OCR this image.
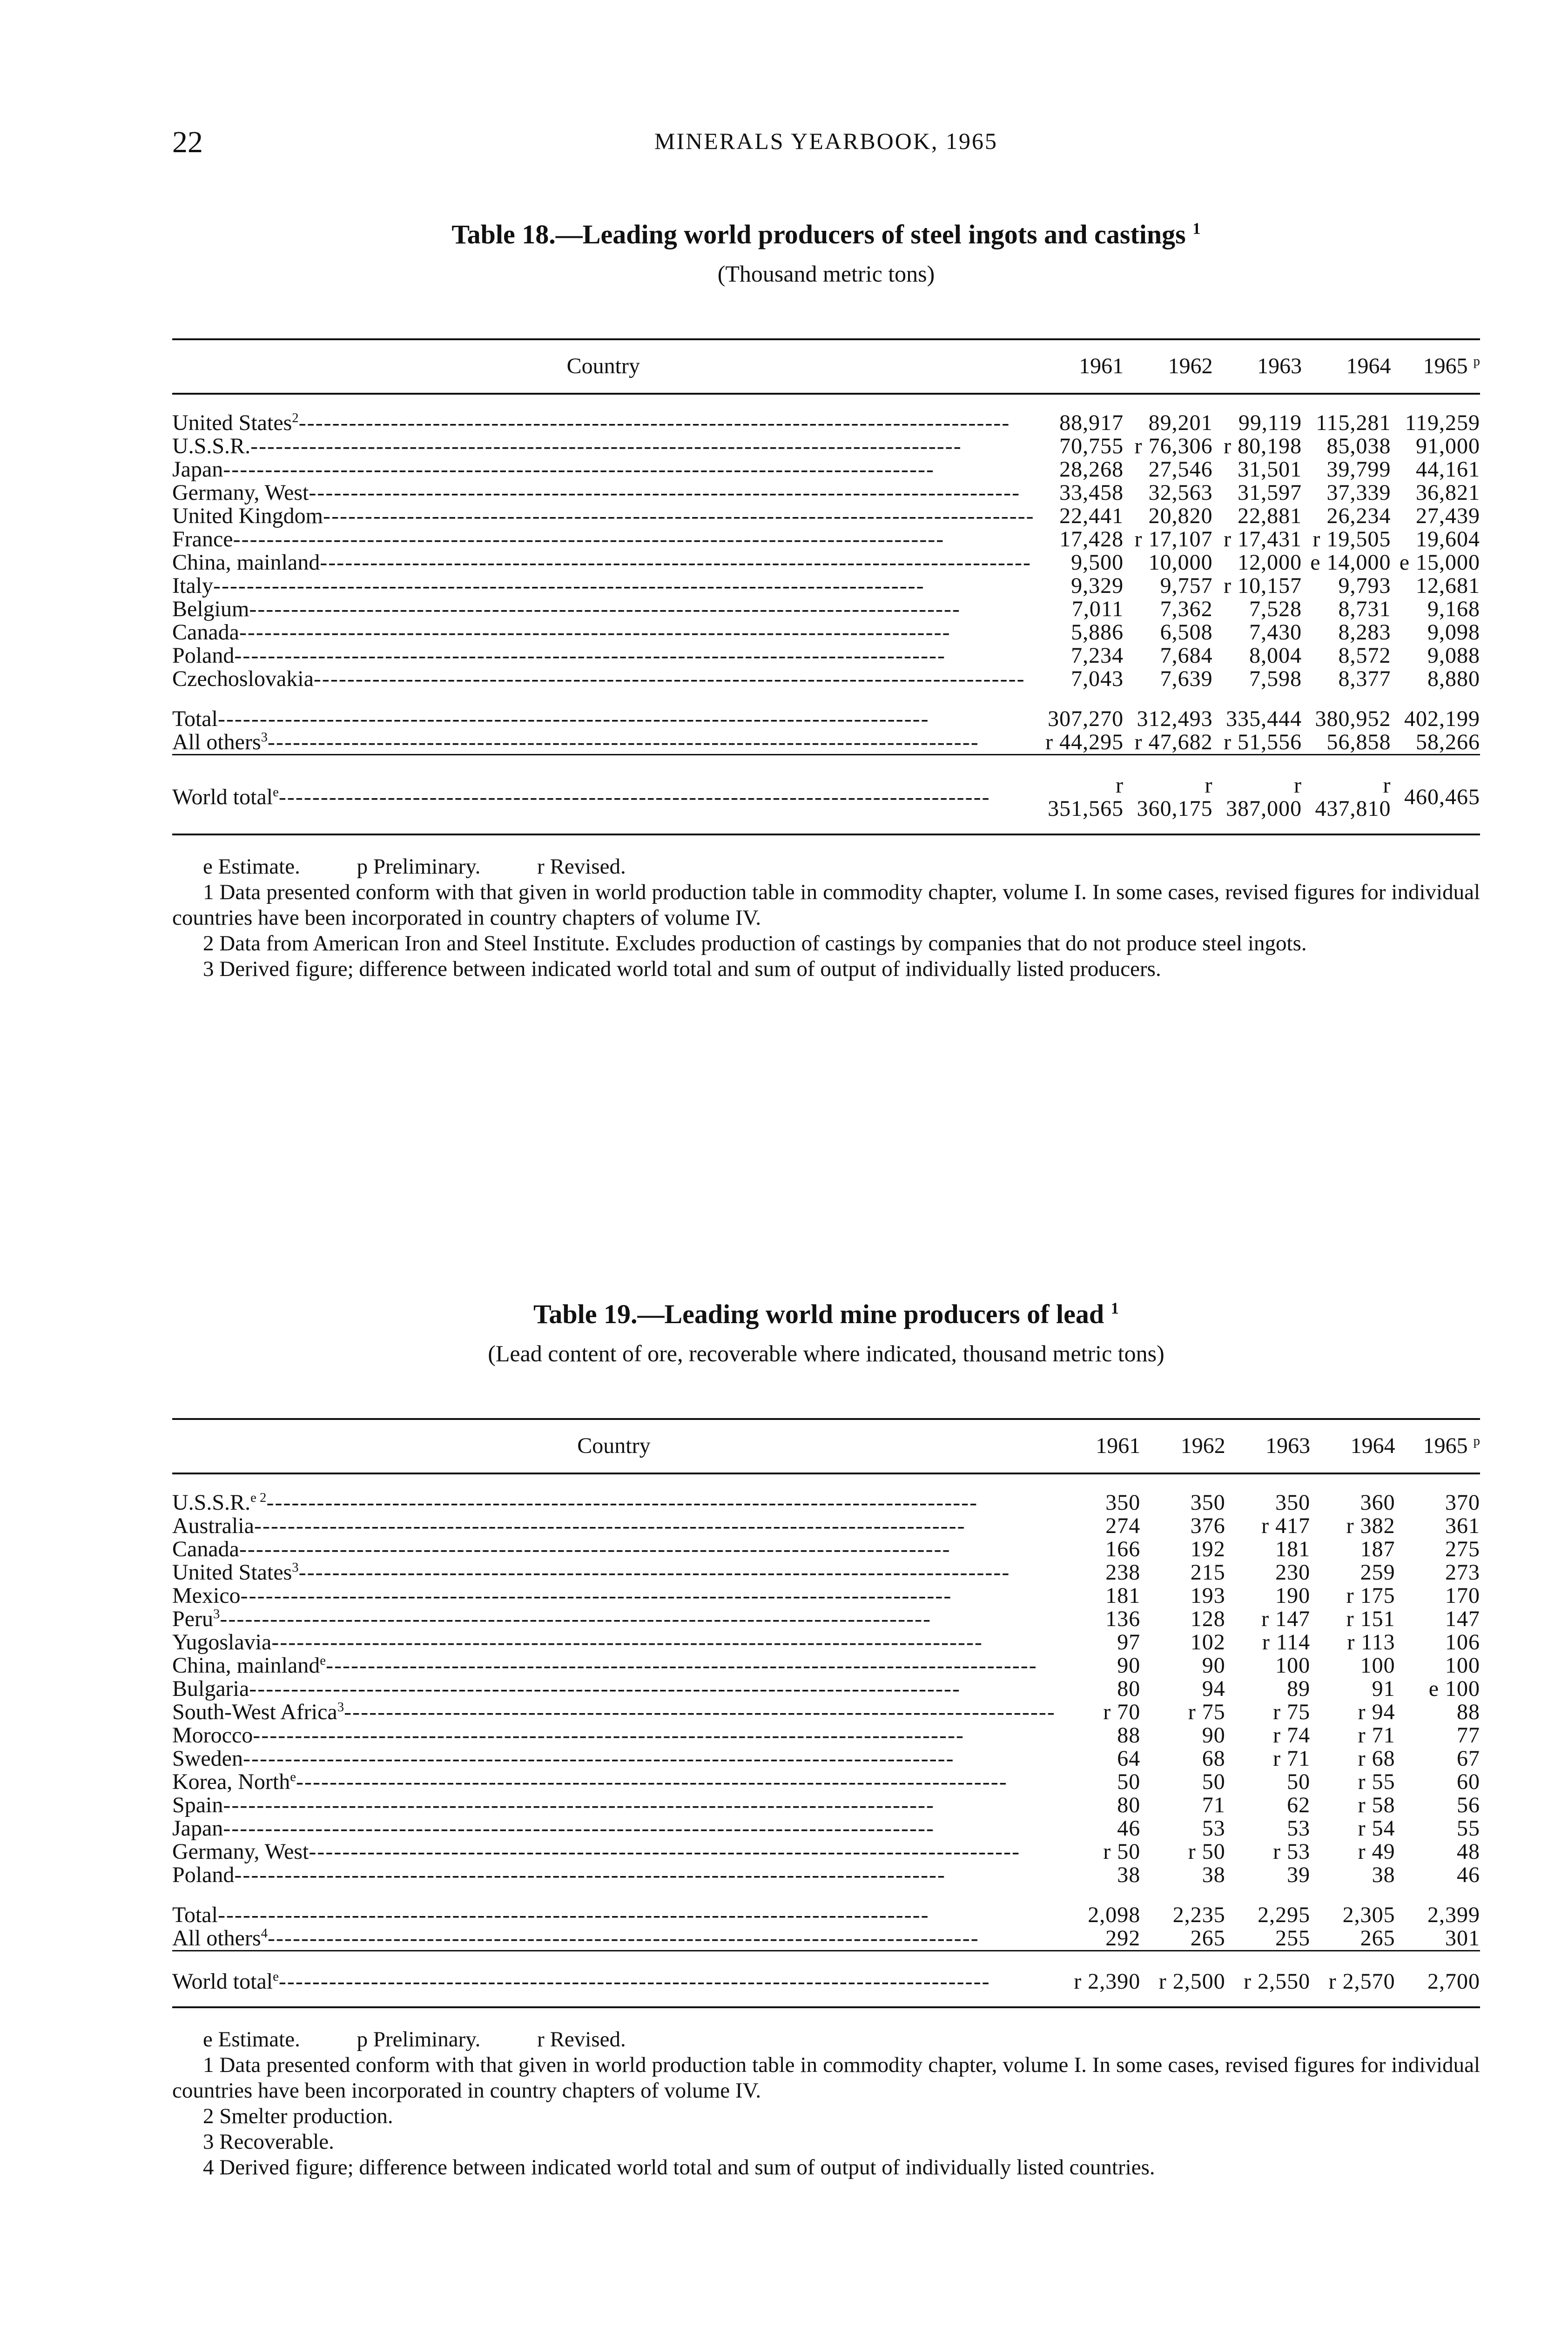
22	MINERALS YEARBOOK, 1965
Table 18.—Leading world producers of steel ingots and castings $^1$
(Thousand metric tons)
Country	1961	1962	1963	1964	1965 $^p$
United States$^2$ -----	88,917	89,201	99,119	115,281	119,259
U.S.S.R. -----	70,755	r 76,306	r 80,198	85,038	91,000
Japan -----	28,268	27,546	31,501	39,799	44,161
Germany, West -----	33,458	32,563	31,597	37,339	36,821
United Kingdom -----	22,441	20,820	22,881	26,234	27,439
France -----	17,428	r 17,107	r 17,431	r 19,505	19,604
China, mainland -----	9,500	10,000	12,000	e 14,000	e 15,000
Italy -----	9,329	9,757	r 10,157	9,793	12,681
Belgium -----	7,011	7,362	7,528	8,731	9,168
Canada -----	5,886	6,508	7,430	8,283	9,098
Poland -----	7,234	7,684	8,004	8,572	9,088
Czechoslovakia -----	7,043	7,639	7,598	8,377	8,880
Total -----	307,270	312,493	335,444	380,952	402,199
All others$^3$ -----	r 44,295	r 47,682	r 51,556	56,858	58,266
World total$^e$ -----	r 351,565	r 360,175	r 387,000	r 437,810	460,465

e Estimate.	p Preliminary.	r Revised.

1 Data presented conform with that given in world production table in commodity chapter, volume I. In some cases, revised figures for individual countries have been incorporated in country chapters of volume IV.

2 Data from American Iron and Steel Institute. Excludes production of castings by companies that do not produce steel ingots.

3 Derived figure; difference between indicated world total and sum of output of individually listed producers.

Table 19.—Leading world mine producers of lead $^1$
(Lead content of ore, recoverable where indicated, thousand metric tons)
Country	1961	1962	1963	1964	1965 $^p$
U.S.S.R.$^{e 2}$ -----	350	350	350	360	370
Australia -----	274	376	r 417	r 382	361
Canada -----	166	192	181	187	275
United States$^3$ -----	238	215	230	259	273
Mexico -----	181	193	190	r 175	170
Peru$^3$ -----	136	128	r 147	r 151	147
Yugoslavia -----	97	102	r 114	r 113	106
China, mainland$^e$ -----	90	90	100	100	100
Bulgaria -----	80	94	89	91	e 100
South-West Africa$^3$ -----	r 70	r 75	r 75	r 94	88
Morocco -----	88	90	r 74	r 71	77
Sweden -----	64	68	r 71	r 68	67
Korea, North$^e$ -----	50	50	50	r 55	60
Spain -----	80	71	62	r 58	56
Japan -----	46	53	53	r 54	55
Germany, West -----	r 50	r 50	r 53	r 49	48
Poland -----	38	38	39	38	46
Total -----	2,098	2,235	2,295	2,305	2,399
All others$^4$ -----	292	265	255	265	301
World total$^e$ -----	r 2,390	r 2,500	r 2,550	r 2,570	2,700

e Estimate.	p Preliminary.	r Revised.

1 Data presented conform with that given in world production table in commodity chapter, volume I. In some cases, revised figures for individual countries have been incorporated in country chapters of volume IV.

2 Smelter production.

3 Recoverable.

4 Derived figure; difference between indicated world total and sum of output of individually listed countries.
